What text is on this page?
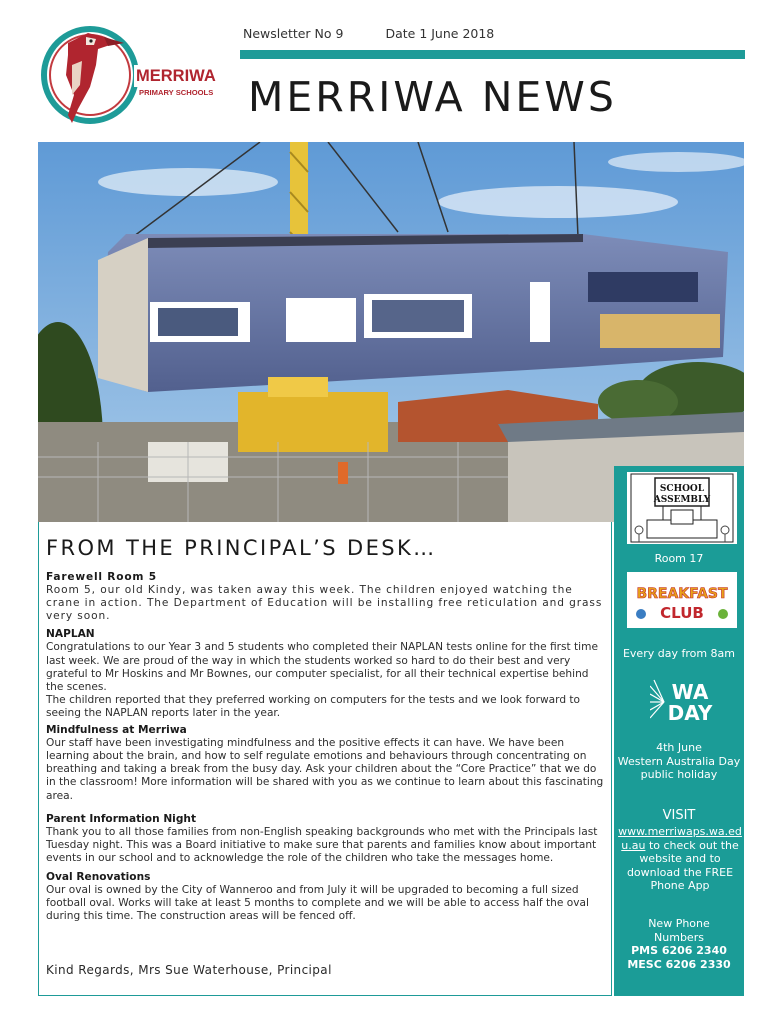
MERRIWA
PRIMARY SCHOOLS
Newsletter No 9	Date 1 June 2018
MERRIWA NEWS
FROM THE PRINCIPAL’S DESK…
Farewell Room 5
Room 5, our old Kindy, was taken away this week. The children enjoyed watching the crane in action. The Department of Education will be installing free reticulation and grass very soon.
NAPLAN
Congratulations to our Year 3 and 5 students who completed their NAPLAN tests online for the first time last week. We are proud of the way in which the students worked so hard to do their best and very grateful to Mr Hoskins and Mr Bownes, our computer specialist, for all their technical expertise behind the scenes.
The children reported that they preferred working on computers for the tests and we look forward to seeing the NAPLAN reports later in the year.
Mindfulness at Merriwa
Our staff have been investigating mindfulness and the positive effects it can have. We have been learning about the brain, and how to self regulate emotions and behaviours through concentrating on breathing and taking a break from the busy day. Ask your children about the “Core Practice” that we do in the classroom! More information will be shared with you as we continue to learn about this fascinating area.
Parent Information Night
Thank you to all those families from non-English speaking backgrounds who met with the Principals last Tuesday night. This was a Board initiative to make sure that parents and families know about important events in our school and to acknowledge the role of the children who take the messages home.
Oval Renovations
Our oval is owned by the City of Wanneroo and from July it will be upgraded to becoming a full sized football oval. Works will take at least 5 months to complete and we will be able to access half the oval during this time. The construction areas will be fenced off.
Kind Regards, Mrs Sue Waterhouse, Principal
SCHOOL ASSEMBLY
Room 17
BREAKFAST
CLUB
Every day from 8am
WA
DAY
4th June
Western Australia Day
public holiday
VISIT
www.merriwaps.wa.edu.au to check out the website and to download the FREE Phone App
New Phone Numbers
PMS 6206 2340
MESC 6206 2330
